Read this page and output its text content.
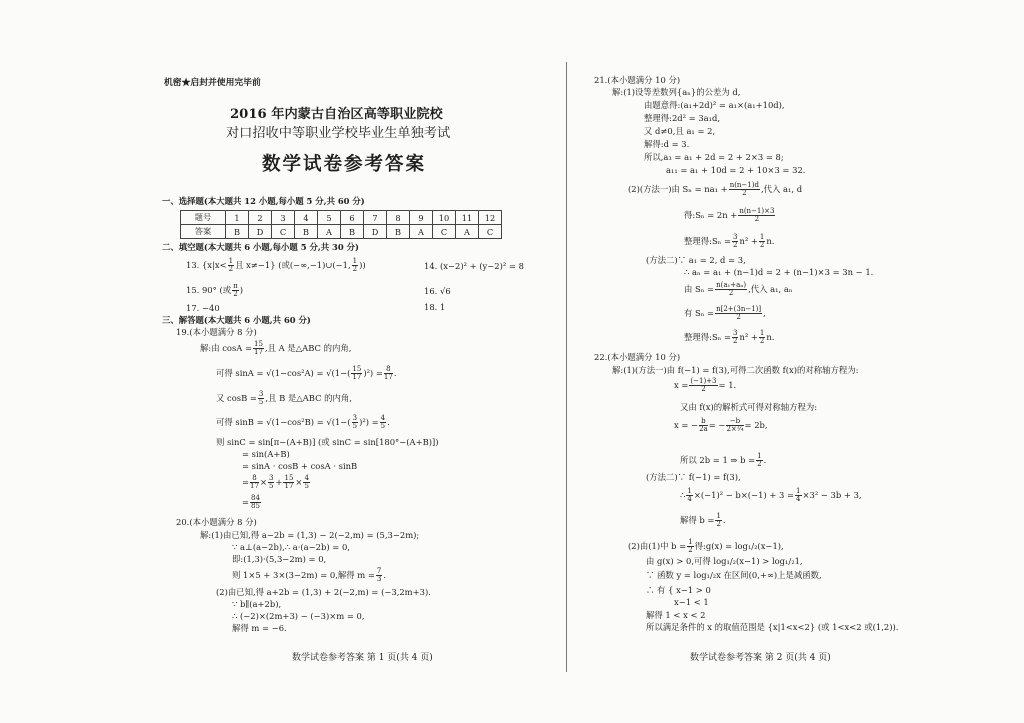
机密★启封并使用完毕前
2016 年内蒙古自治区高等职业院校
对口招收中等职业学校毕业生单独考试
数学试卷参考答案
一、选择题(本大题共 12 小题,每小题 5 分,共 60 分)
题号	1	2	3	4	5	6	7	8	9	10	11	12
答案	B	D	C	B	A	B	D	B	A	C	A	C
二、填空题(本大题共 6 小题,每小题 5 分,共 30 分)
13. {$x|x< \frac{1}{2}$ 且 x≠−1} (或(−∞,−1)∪(−1, $\frac{1}{2}$ ))	14. (x−2)² + (y−2)² = 8
15. 90° (或 $\frac{\pi}{2}$ )	16. √6
17. −40	18. 1
三、解答题(本大题共 6 小题,共 60 分)
19.(本小题满分 8 分)
解:由 $\cos A = \frac{15}{17}$ ,且 A 是△ABC 的内角,
可得 $\sin A = √(1-\cos^2A) = √(1-( \frac{15}{17} )^2) = \frac{8}{17}$ .
又 $\cos B = \frac{3}{5}$ ,且 B 是△ABC 的内角,
可得 $\sin B = √(1-\cos^2B) = √(1-( \frac{3}{5} )^2) = \frac{4}{5}$ .
则 sinC = sin[π−(A+B)] (或 sinC = sin[180°−(A+B)])
= sin(A+B)
= sinA · cosB + cosA · sinB
= $\frac{8}{17} \times \frac{3}{5} + \frac{15}{17} \times \frac{4}{5}$
= $\frac{84}{85}$
20.(本小题满分 8 分)
解:(1)由已知,得 a−2b = (1,3) − 2(−2,m) = (5,3−2m);
∵ a⊥(a−2b),∴ a·(a−2b) = 0,
即:(1,3)·(5,3−2m) = 0,
则 1×5 + 3×(3−2m) = 0,解得 $m = \frac{7}{3}$ .
(2)由已知,得 a+2b = (1,3) + 2(−2,m) = (−3,2m+3).
∵ b∥(a+2b),
∴ (−2)×(2m+3) − (−3)×m = 0,
解得 m = −6.
数学试卷参考答案 第 1 页(共 4 页)
21.(本小题满分 10 分)
解:(1)设等差数列{aₙ}的公差为 d,
由题意得:(a₁+2d)² = a₁×(a₁+10d),
整理得:2d² = 3a₁d,
又 d≠0,且 a₁ = 2,
解得:d = 3.
所以,a₃ = a₁ + 2d = 2 + 2×3 = 8;
a₁₁ = a₁ + 10d = 2 + 10×3 = 32.
(2)(方法一)由 $S_n = na_1 + \frac{n(n-1)d}{2}$ ,代入 a₁, d
得:Sₙ = $2n + \frac{n(n-1)\times 3}{2}$
整理得:Sₙ = $\frac{3}{2} n^2 + \frac{1}{2} n$.
(方法二)∵ a₁ = 2, d = 3,
∴ aₙ = a₁ + (n−1)d = 2 + (n−1)×3 = 3n − 1.
由 $S_n = \frac{\text{n(a₁+aₙ)}}{2}$ ,代入 a₁, aₙ
有 $S_n = \frac{n[2+(3n-1)]}{2}$ ,
整理得:Sₙ = $\frac{3}{2} n^2 + \frac{1}{2} n$.
22.(本小题满分 10 分)
解:(1)(方法一)由 f(−1) = f(3),可得二次函数 f(x)的对称轴方程为:
$x = \frac{(-1)+3}{2} = 1$.
又由 f(x)的解析式可得对称轴方程为:
x = − $\frac{b}{2a}$ = − $\frac{-b}{\text{2×¼}} = 2b$,
所以 2b = 1 ⇒ $b = \frac{1}{2}$ .
(方法二)∵ f(−1) = f(3),
∴ $\frac{1}{4} \times(-1)^2 - b\times(-1) + 3 = \frac{1}{4} \times 3^2 - 3b + 3$,
解得 $b = \frac{1}{2}$ .
(2)由(1)中 $b = \frac{1}{2}$ 得:g(x) = log₁/₂(x−1),
由 g(x) > 0,可得 log₁/₂(x−1) > log₁/₂1,
∵ 函数 y = log₁/₂x 在区间(0,+∞)上是减函数,
∴ 有 { x−1 > 0
x−1 < 1
解得 1 < x < 2
所以满足条件的 x 的取值范围是 {x|1<x<2} (或 1<x<2 或(1,2)).
数学试卷参考答案 第 2 页(共 4 页)
